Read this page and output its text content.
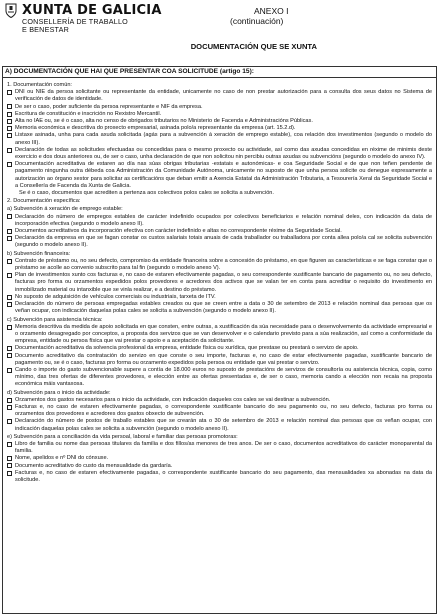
XUNTA DE GALICIA
CONSELLERÍA DE TRABALLO
E BENESTAR
ANEXO I
(continuación)
DOCUMENTACIÓN QUE SE XUNTA
A) DOCUMENTACIÓN QUE HAI QUE PRESENTAR COA SOLICITUDE (artigo 15):
1. Documentación común:
DNI ou NIE da persoa solicitante ou representante da entidade, unicamente no caso de non prestar autorización para a consulta dos seus datos no Sistema de verificación de datos de identidade.
De ser o caso, poder suficiente da persoa representante e NIF da empresa.
Escritura de constitución e inscrición no Rexistro Mercantil.
Alta no IAE ou, se é o caso, alta no censo de obrigados tributarios no Ministerio de Facenda e Administracións Públicas.
Memoria económica e descritiva do proxecto empresarial, asinada polo/a representante da empresa (art. 15.2.d).
Listaxe asinada, unha para cada axuda solicitada (agás para a subvención á xeración de emprego estable), coa relación dos investimentos (segundo o modelo do anexo III).
Declaración de todas as solicitudes efectuadas ou concedidas para o mesmo proxecto ou actividade, así como das axudas concedidas en réxime de minimis deste exercicio e dos dous anteriores ou, de ser o caso, unha declaración de que non solicitou nin percibiu outras axudas ou subvencións (segundo o modelo do anexo IV).
Documentación acreditativa de estaren ao día nas súas obrigas tributarias -estatais e autonómicas- e coa Seguridade Social e de que non teñen pendente de pagamento ningunha outra débeda coa Administración da Comunidade Autónoma, unicamente no suposto de que unha persoa solicite ou denegue expresamente a autorización ao órgano xestor para solicitar as certificacións que deban emitir a Axencia Estatal da Administración Tributaria, a Tesourería Xeral da Seguridade Social e a Consellería de Facenda da Xunta de Galicia.
Se é o caso, documentos que acrediten a pertenza aos colectivos polos cales se solicita a subvención.
2. Documentación específica:
a) Subvención á xeración de emprego estable:
Declaración do número de empregos estables de carácter indefinido ocupados por colectivos beneficiarios e relación nominal deles, con indicación da data de incorporación efectiva (segundo o modelo anexo II).
Documentos acreditativos da incorporación efectiva con carácter indefinido e altas no correspondente réxime da Seguridade Social.
Declaración da empresa en que se fagan constar os custos salariais totais anuais de cada traballador ou traballadora por conta allea polo/a cal se solicita subvención (segundo o modelo anexo II).
b) Subvención financeira:
Contrato de préstamo ou, no seu defecto, compromiso da entidade financeira sobre a concesión do préstamo, en que figuren as características e se faga constar que o préstamo se acolle ao convenio subscrito para tal fin (segundo o modelo anexo V).
Plan de investimentos xunto cos facturas e, no caso de estaren efectivamente pagadas, o seu correspondente xustificante bancario de pagamento ou, no seu defecto, facturas pro forma ou orzamentos expedidos polos provedores e acredores dos activos que se valan ter en conta para acreditar o requisito do investimento en inmobilizado material ou intanxible que se vinla realizar, e a destino do préstamo.
No suposto de adquisición de vehículos comerciais ou industriais, tarxeta de ITV.
Declaración do número de persoas empregadas estables creados ou que se creen entre a data o 30 de setembro de 2013 e relación nominal das persoas que os veñan ocupar, con indicación daquelas polas cales se solicita a subvención (segundo o modelo anexo II).
c) Subvención para asistencia técnica:
Memoria descritiva da medida de apoio solicitada en que consten, entre outras, a xustificación da súa necesidade para o desenvolvemento da actividade empresarial e o orzamento desagregado por conceptos, a proposta dos servizos que se van desenvolver e o calendario previsto para a súa realización, así como a conformidade da empresa, entidade ou persoa física que vai prestar o apoio e a aceptación da solicitante.
Documentación acreditativa da solvencia profesional da empresa, entidade física ou xurídica, que prestase ou prestará o servizo de apoio.
Documento acreditativo da contratación do servizo en que conste o seu importe, facturas e, no caso de estar efectivamente pagadas, xustificante bancario de pagamento ou, se é o caso, facturas pro forma ou orzamento expedidos pola persoa ou entidade que vai prestar o servizo.
Cando o importe do gasto subvencionable supere a contía de 18.000 euros no suposto de prestacións de servizos de consultoría ou asistencia técnica, copia, como mínimo, das tres ofertas de diferentes provedores, e elección entre as ofertas presentadas e, de ser o caso, memoria cando a elección non recaia na proposta económica máis vantaxosa.
d) Subvención para o inicio da actividade:
Orzamentos dos gastos necesarios para o inicio da actividade, con indicación daqueles cos cales se vai destinar a subvención.
Facturas e, no caso de estaren efectivamente pagadas, o correspondente xustificante bancario do seu pagamento ou, no seu defecto, facturas pro forma ou orzamentos dos provedores e acredores dos gastos obxecto de subvención.
Declaración do número de postos de traballo estables que se crearán ata o 30 de setembro de 2013 e relación nominal das persoas que os veñan ocupar, con indicación daquelas polas cales se solicita a subvención (segundo o modelo anexo II).
e) Subvención para a conciliación da vida persoal, laboral e familiar das persoas promotoras:
Libro de familia ou nome das persoas titulares da familia e dos fillos/as menores de tres anos. De ser o caso, documentos acreditativos do carácter monoparental da familia.
Nome, apelidos e nº DNI do cónxuxe.
Documento acreditativo do custo da mensualidade da gardaría.
Facturas e, no caso de estaren efectivamente pagadas, o correspondente xustificante bancario do seu pagamento, das mensualidades xa abonadas na data da solicitude.
